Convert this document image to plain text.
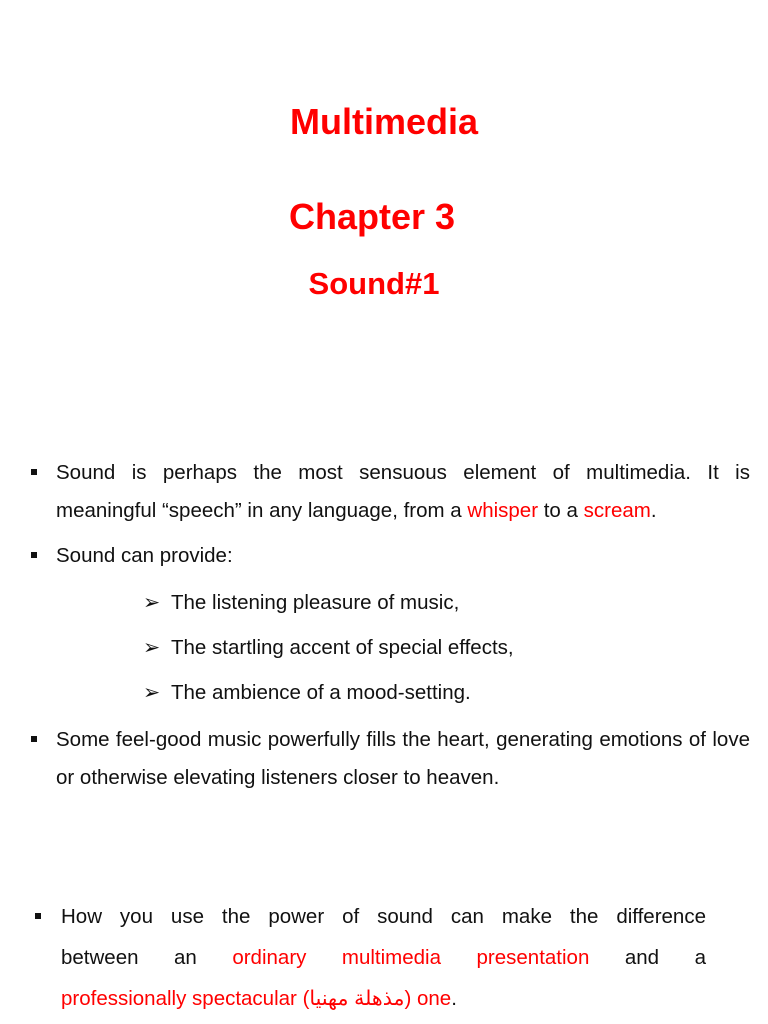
Multimedia
Chapter 3
Sound#1
Sound is perhaps the most sensuous element of multimedia. It is
meaningful “speech” in any language, from a whisper to a scream.
Sound can provide:
➢ The listening pleasure of music,
➢ The startling accent of special effects,
➢ The ambience of a mood-setting.
Some feel-good music powerfully fills the heart, generating emotions of love or otherwise elevating listeners closer to heaven.
How you use the power of sound can make the difference
between an ordinary multimedia presentation and a
professionally spectacular (مذهلة مهنيا) one.
